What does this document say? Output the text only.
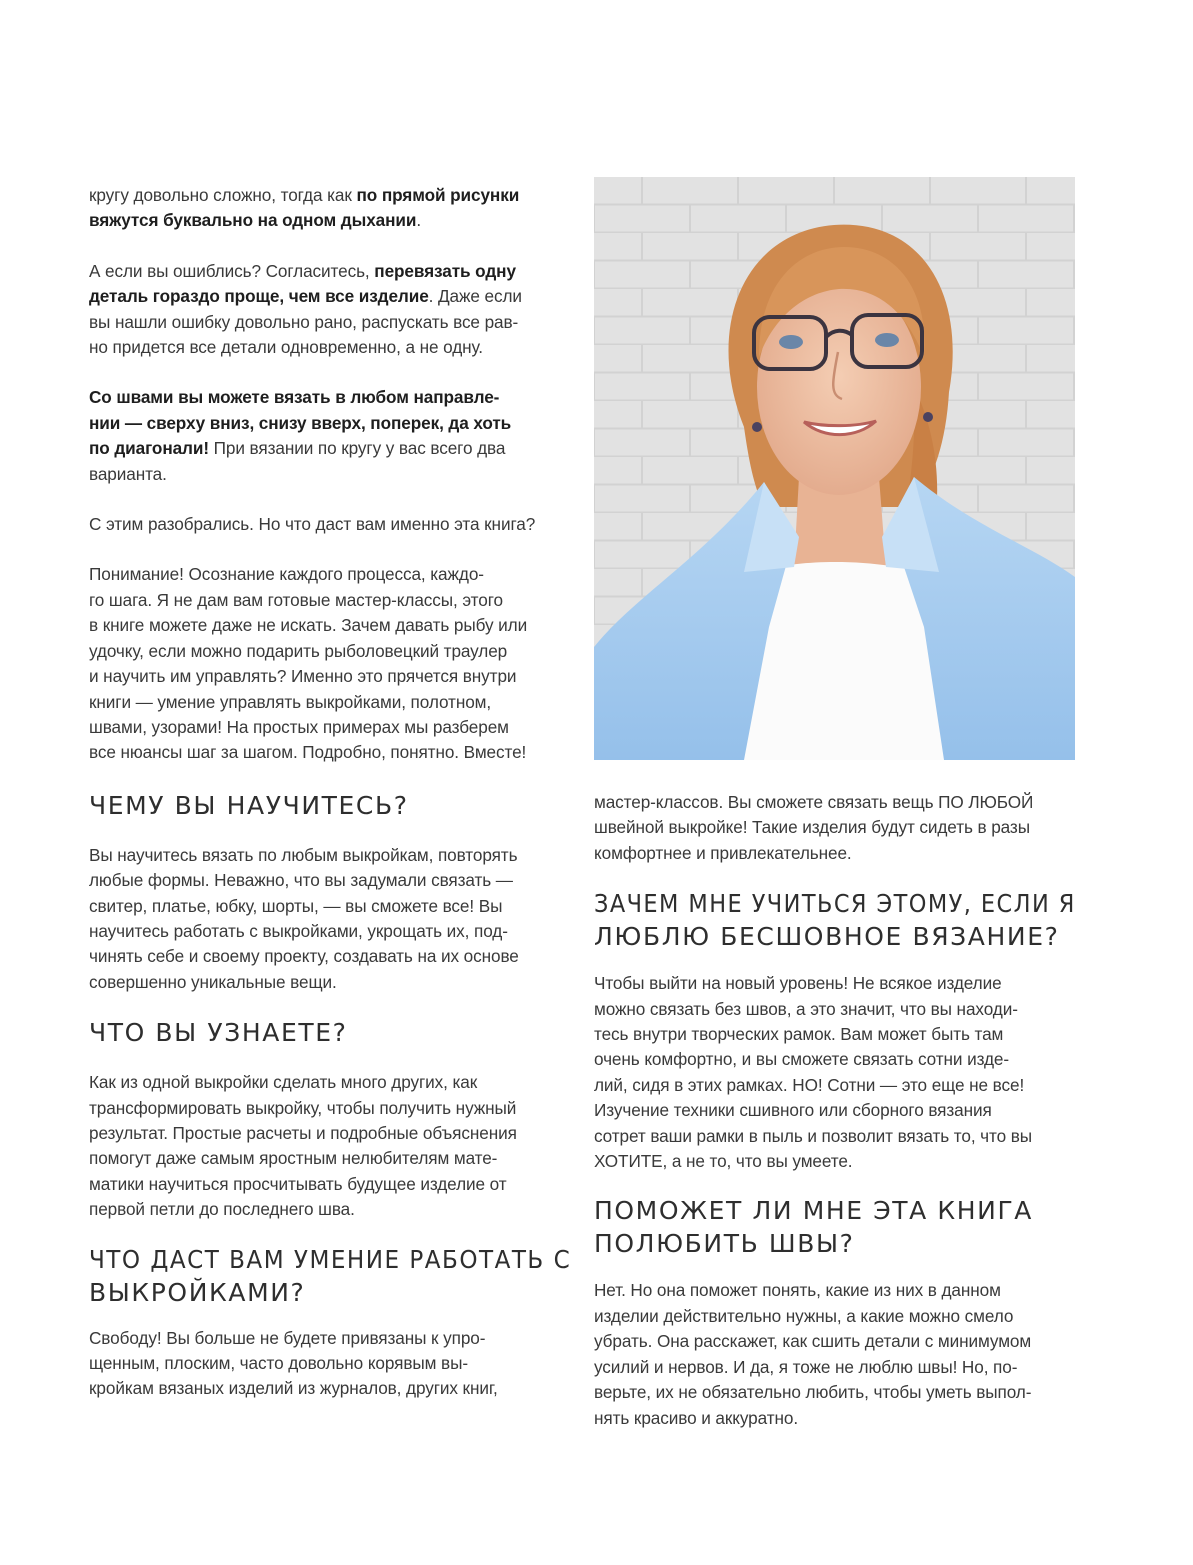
кругу довольно сложно, тогда как по прямой рисунки

вяжутся буквально на одном дыхании.

А если вы ошиблись? Согласитесь, перевязать одну

деталь гораздо проще, чем все изделие. Даже если

вы нашли ошибку довольно рано, распускать все рав-

но придется все детали одновременно, а не одну.

Со швами вы можете вязать в любом направле-

нии — сверху вниз, снизу вверх, поперек, да хоть

по диагонали! При вязании по кругу у вас всего два

варианта.

С этим разобрались. Но что даст вам именно эта книга?

Понимание! Осознание каждого процесса, каждо-

го шага. Я не дам вам готовые мастер-классы, этого

в книге можете даже не искать. Зачем давать рыбу или

удочку, если можно подарить рыболовецкий траулер

и научить им управлять? Именно это прячется внутри

книги — умение управлять выкройками, полотном,

швами, узорами! На простых примерах мы разберем

все нюансы шаг за шагом. Подробно, понятно. Вместе!

ЧЕМУ ВЫ НАУЧИТЕСЬ?

Вы научитесь вязать по любым выкройкам, повторять

любые формы. Неважно, что вы задумали связать —

свитер, платье, юбку, шорты, — вы сможете все! Вы

научитесь работать с выкройками, укрощать их, под-

чинять себе и своему проекту, создавать на их основе

совершенно уникальные вещи.

ЧТО ВЫ УЗНАЕТЕ?

Как из одной выкройки сделать много других, как

трансформировать выкройку, чтобы получить нужный

результат. Простые расчеты и подробные объяснения

помогут даже самым яростным нелюбителям мате-

матики научиться просчитывать будущее изделие от

первой петли до последнего шва.

ЧТО ДАСТ ВАМ УМЕНИЕ РАБОТАТЬ С
ВЫКРОЙКАМИ?

Свободу! Вы больше не будете привязаны к упро-

щенным, плоским, часто довольно корявым вы-

кройкам вязаных изделий из журналов, других книг,

мастер-классов. Вы сможете связать вещь ПО ЛЮБОЙ

швейной выкройке! Такие изделия будут сидеть в разы

комфортнее и привлекательнее.

ЗАЧЕМ МНЕ УЧИТЬСЯ ЭТОМУ, ЕСЛИ Я
ЛЮБЛЮ БЕСШОВНОЕ ВЯЗАНИЕ?

Чтобы выйти на новый уровень! Не всякое изделие

можно связать без швов, а это значит, что вы находи-

тесь внутри творческих рамок. Вам может быть там

очень комфортно, и вы сможете связать сотни изде-

лий, сидя в этих рамках. НО! Сотни — это еще не все!

Изучение техники сшивного или сборного вязания

сотрет ваши рамки в пыль и позволит вязать то, что вы

ХОТИТЕ, а не то, что вы умеете.

ПОМОЖЕТ ЛИ МНЕ ЭТА КНИГА
ПОЛЮБИТЬ ШВЫ?

Нет. Но она поможет понять, какие из них в данном

изделии действительно нужны, а какие можно смело

убрать. Она расскажет, как сшить детали с минимумом

усилий и нервов. И да, я тоже не люблю швы! Но, по-

верьте, их не обязательно любить, чтобы уметь выпол-

нять красиво и аккуратно.
